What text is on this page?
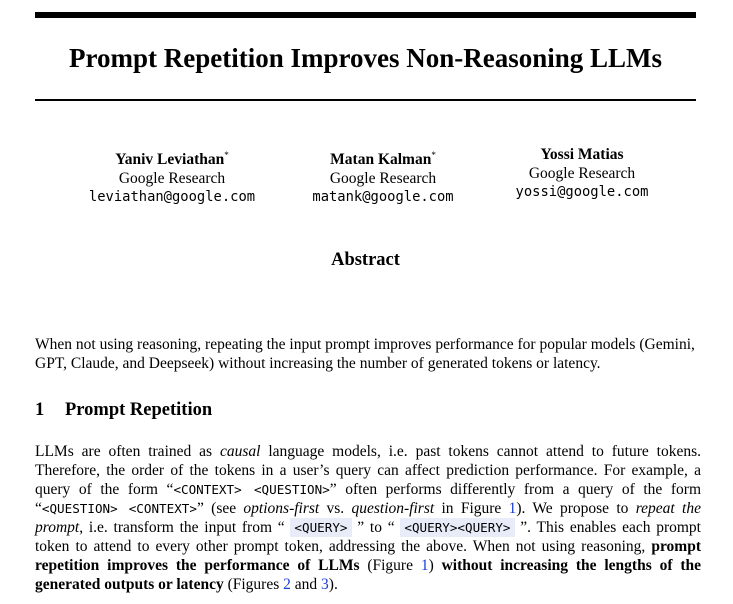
Prompt Repetition Improves Non-Reasoning LLMs
Yaniv Leviathan*
Google Research
leviathan@google.com
Matan Kalman*
Google Research
matank@google.com
Yossi Matias
Google Research
yossi@google.com
Abstract
When not using reasoning, repeating the input prompt improves performance for popular models (Gemini, GPT, Claude, and Deepseek) without increasing the number of generated tokens or latency.
1 Prompt Repetition
LLMs are often trained as causal language models, i.e. past tokens cannot attend to future tokens. Therefore, the order of the tokens in a user’s query can affect prediction performance. For example, a query of the form “<CONTEXT> <QUESTION>” often performs differently from a query of the form “<QUESTION> <CONTEXT>” (see options-first vs. question-first in Figure 1). We propose to repeat the prompt, i.e. transform the input from “ <QUERY> ” to “ <QUERY><QUERY> ”. This enables each prompt token to attend to every other prompt token, addressing the above. When not using reasoning, prompt repetition improves the performance of LLMs (Figure 1) without increasing the lengths of the generated outputs or latency (Figures 2 and 3).
